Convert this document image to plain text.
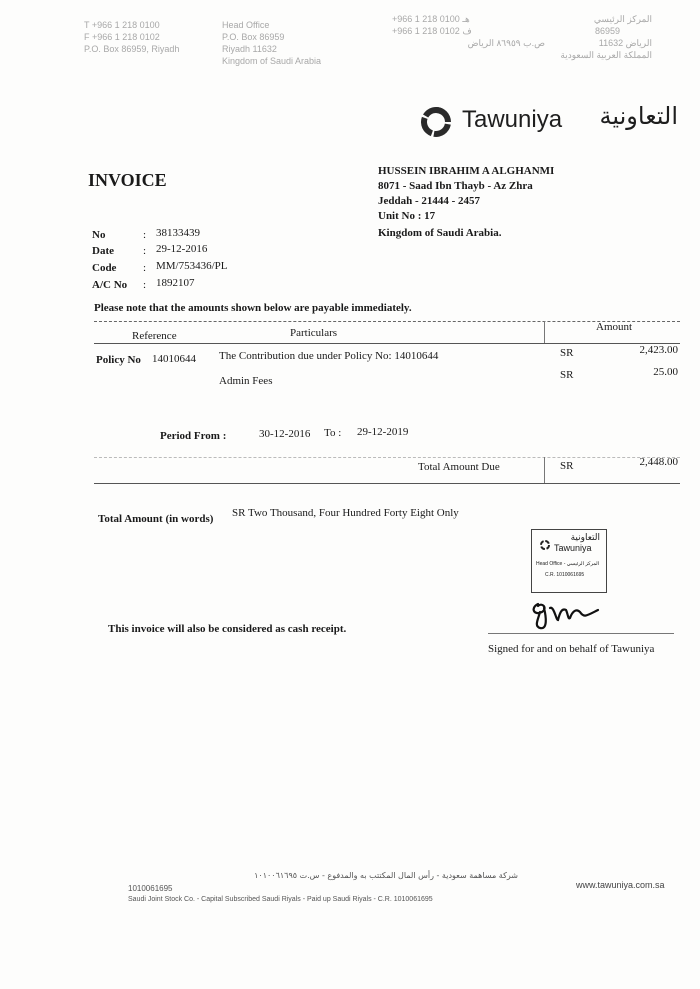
T +966 1 218 0100
F +966 1 218 0102
P.O. Box 86959, Riyadh
Head Office
P.O. Box 86959
Riyadh 11632
Kingdom of Saudi Arabia
+966 1 218 0100 هـ
+966 1 218 0102 ف
ص.ب ٨٦٩٥٩ الرياض
المركز الرئيسي
86959
الرياض 11632
المملكة العربية السعودية
Tawuniya التعاونية
INVOICE	HUSSEIN IBRAHIM A ALGHANMI
8071 - Saad Ibn Thayb - Az Zhra
Jeddah - 21444 - 2457
Unit No : 17
Kingdom of Saudi Arabia.
No	: 38133439
Date	: 29-12-2016
Code : MM/753436/PL
A/C No : 1892107
Please note that the amounts shown below are payable immediately.
Reference	Particulars	Amount
Policy No 14010644 The Contribution due under Policy No: 14010644	SR	2,423.00
Admin Fees	SR	25.00
Period From :	30-12-2016 To : 29-12-2019
Total Amount Due	SR	2,448.00
Total Amount (in words) SR Two Thousand, Four Hundred Forty Eight Only
التعاونية
Tawuniya
Head Office - المركز الرئيسي
C.R. 1010061695
This invoice will also be considered as cash receipt.
Signed for and on behalf of Tawuniya
شركة مساهمة سعودية - رأس المال المكتتب به والمدفوع - س.ت ١٠١٠٠٦١٦٩٥
1010061695
Saudi Joint Stock Co. - Capital Subscribed Saudi Riyals - Paid up Saudi Riyals - C.R. 1010061695
www.tawuniya.com.sa
